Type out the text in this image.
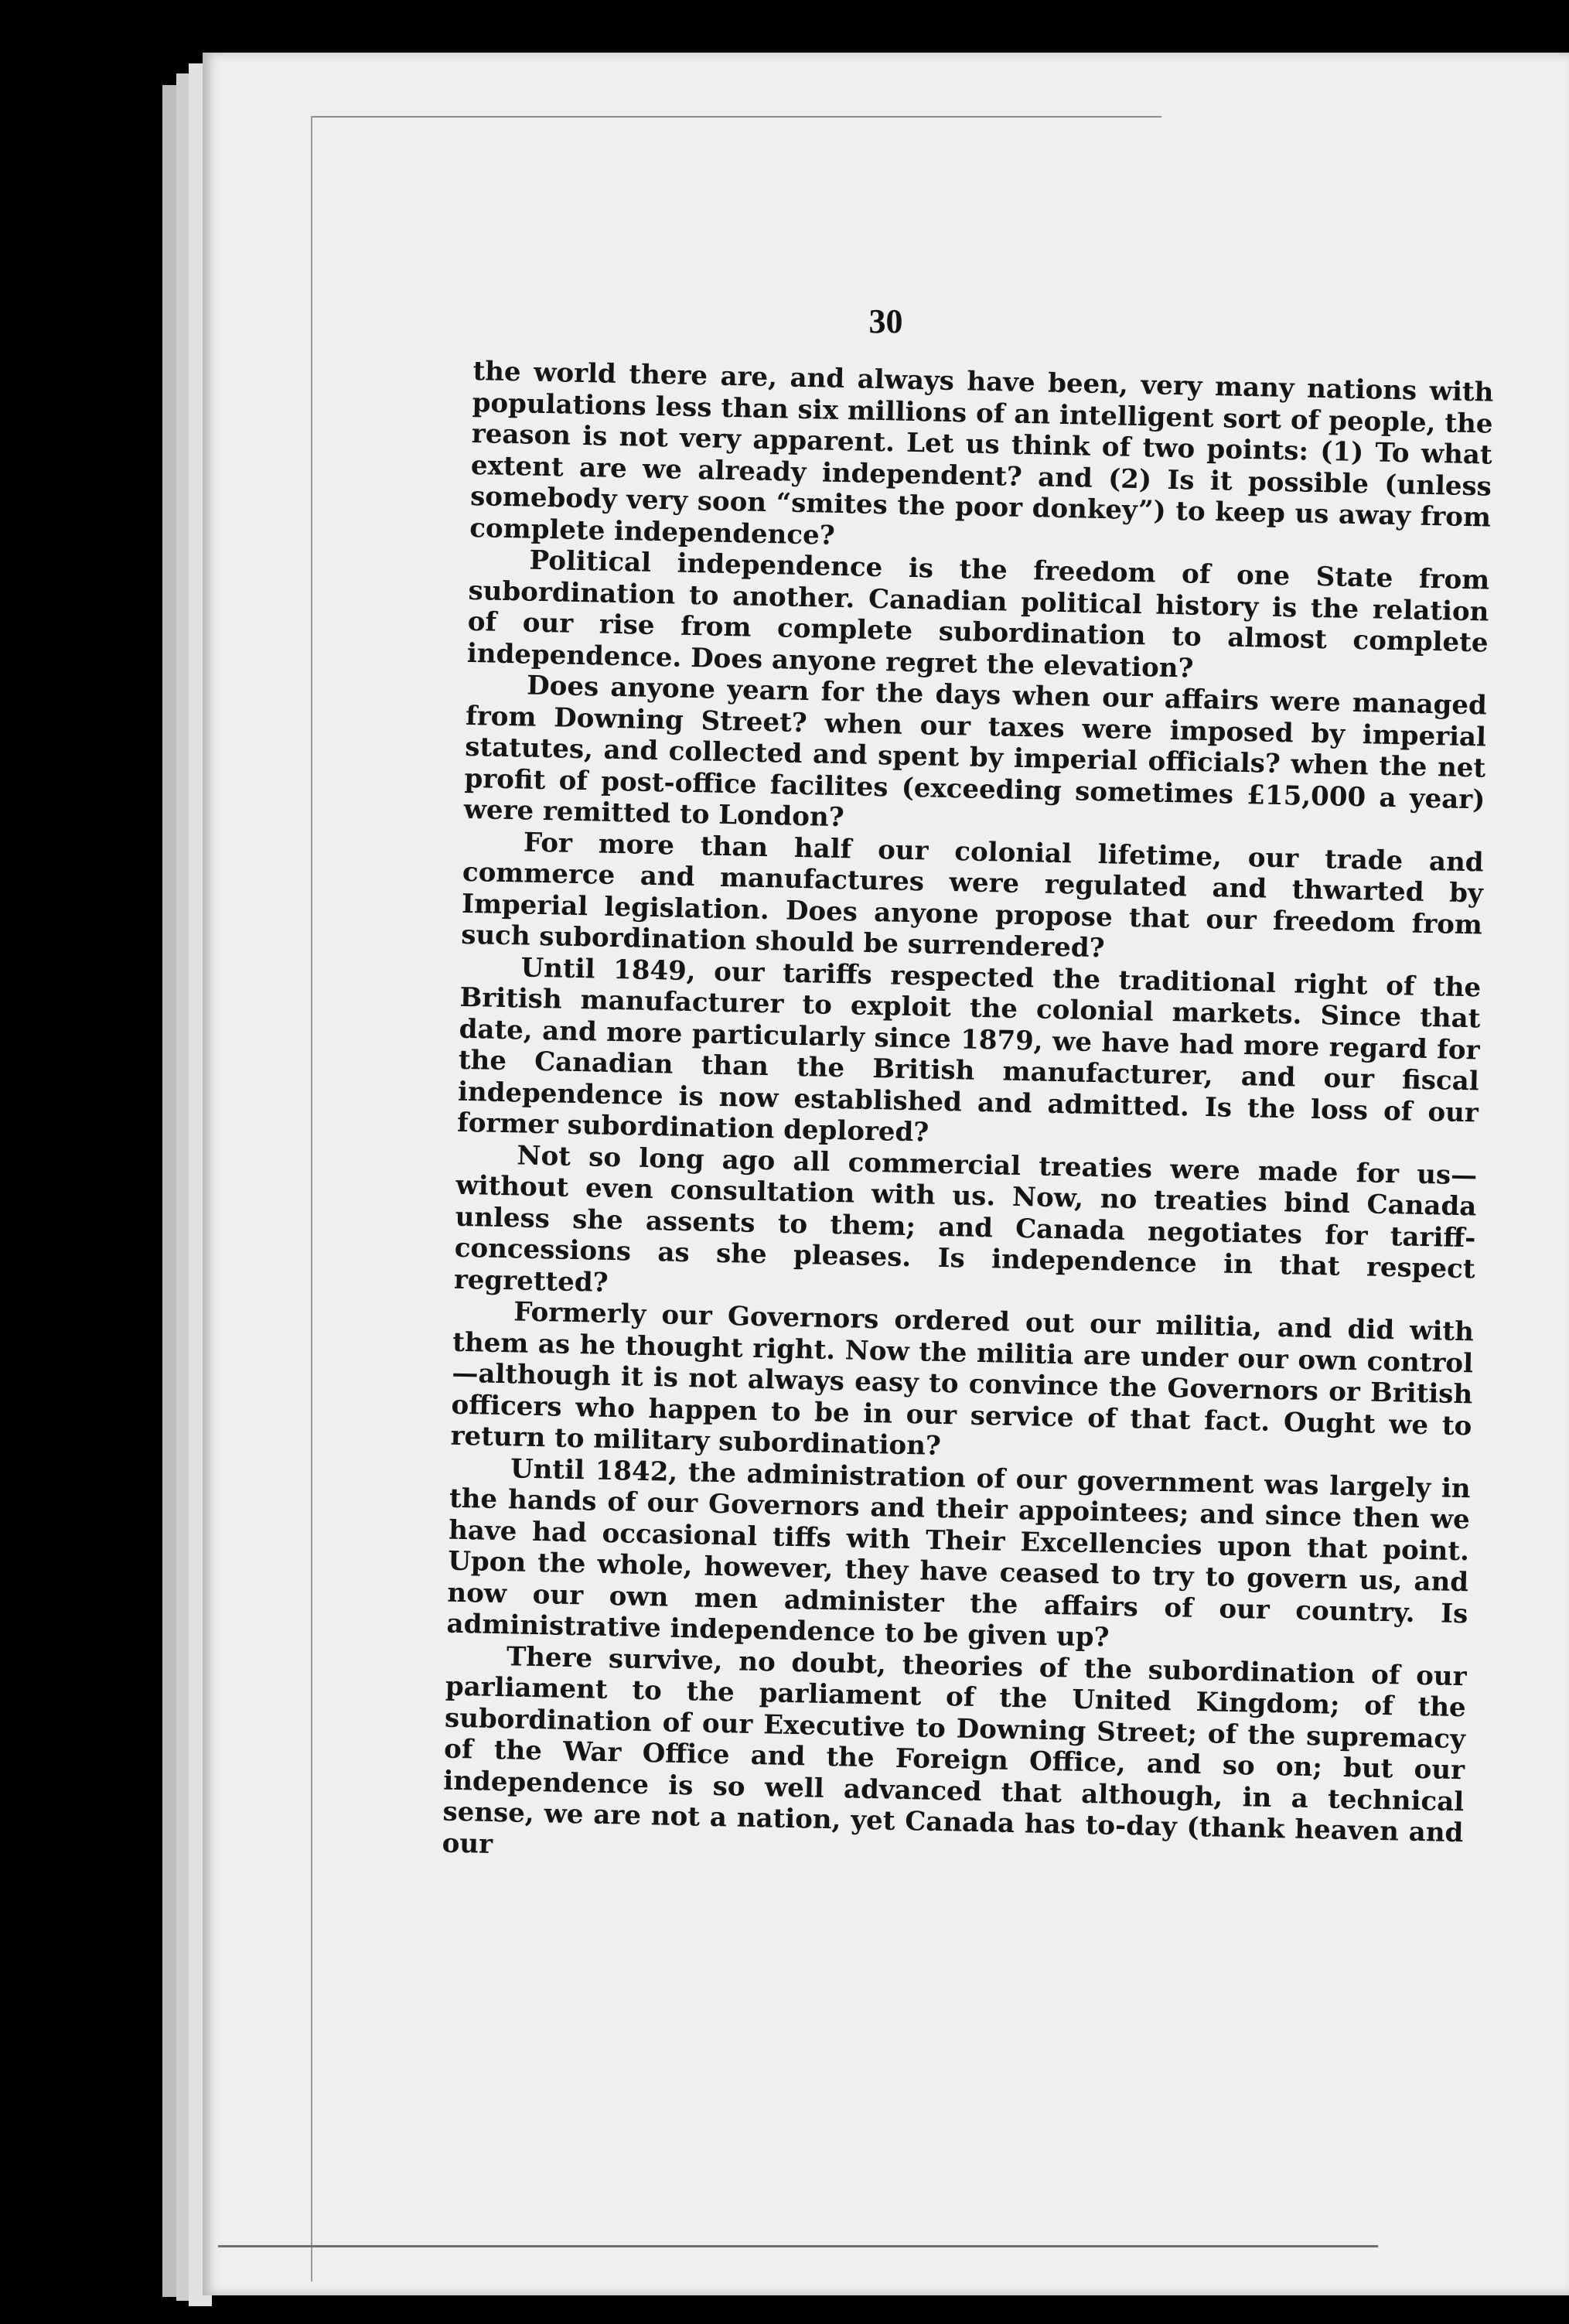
30

the world there are, and always have been, very many nations with populations less than six millions of an intelligent sort of people, the reason is not very apparent. Let us think of two points: (1) To what extent are we already independent? and (2) Is it possible (unless somebody very soon “smites the poor donkey”) to keep us away from complete independence?

Political independence is the freedom of one State from subordination to another. Canadian political history is the relation of our rise from complete subordination to almost complete independence. Does anyone regret the elevation?

Does anyone yearn for the days when our affairs were managed from Downing Street? when our taxes were imposed by imperial statutes, and collected and spent by imperial officials? when the net profit of post-office facilites (exceeding sometimes £15,000 a year) were remitted to London?

For more than half our colonial lifetime, our trade and commerce and manufactures were regulated and thwarted by Imperial legislation. Does anyone propose that our freedom from such subordination should be surrendered?

Until 1849, our tariffs respected the traditional right of the British manufacturer to exploit the colonial markets. Since that date, and more particularly since 1879, we have had more regard for the Canadian than the British manufacturer, and our fiscal independence is now established and admitted. Is the loss of our former subordination deplored?

Not so long ago all commercial treaties were made for us—without even consultation with us. Now, no treaties bind Canada unless she assents to them; and Canada negotiates for tariff-concessions as she pleases. Is independence in that respect regretted?

Formerly our Governors ordered out our militia, and did with them as he thought right. Now the militia are under our own control—although it is not always easy to convince the Governors or British officers who happen to be in our service of that fact. Ought we to return to military subordination?

Until 1842, the administration of our government was largely in the hands of our Governors and their appointees; and since then we have had occasional tiffs with Their Excellencies upon that point. Upon the whole, however, they have ceased to try to govern us, and now our own men administer the affairs of our country. Is administrative independence to be given up?

There survive, no doubt, theories of the subordination of our parliament to the parliament of the United Kingdom; of the subordination of our Executive to Downing Street; of the supremacy of the War Office and the Foreign Office, and so on; but our independence is so well advanced that although, in a technical sense, we are not a nation, yet Canada has to-day (thank heaven and our
